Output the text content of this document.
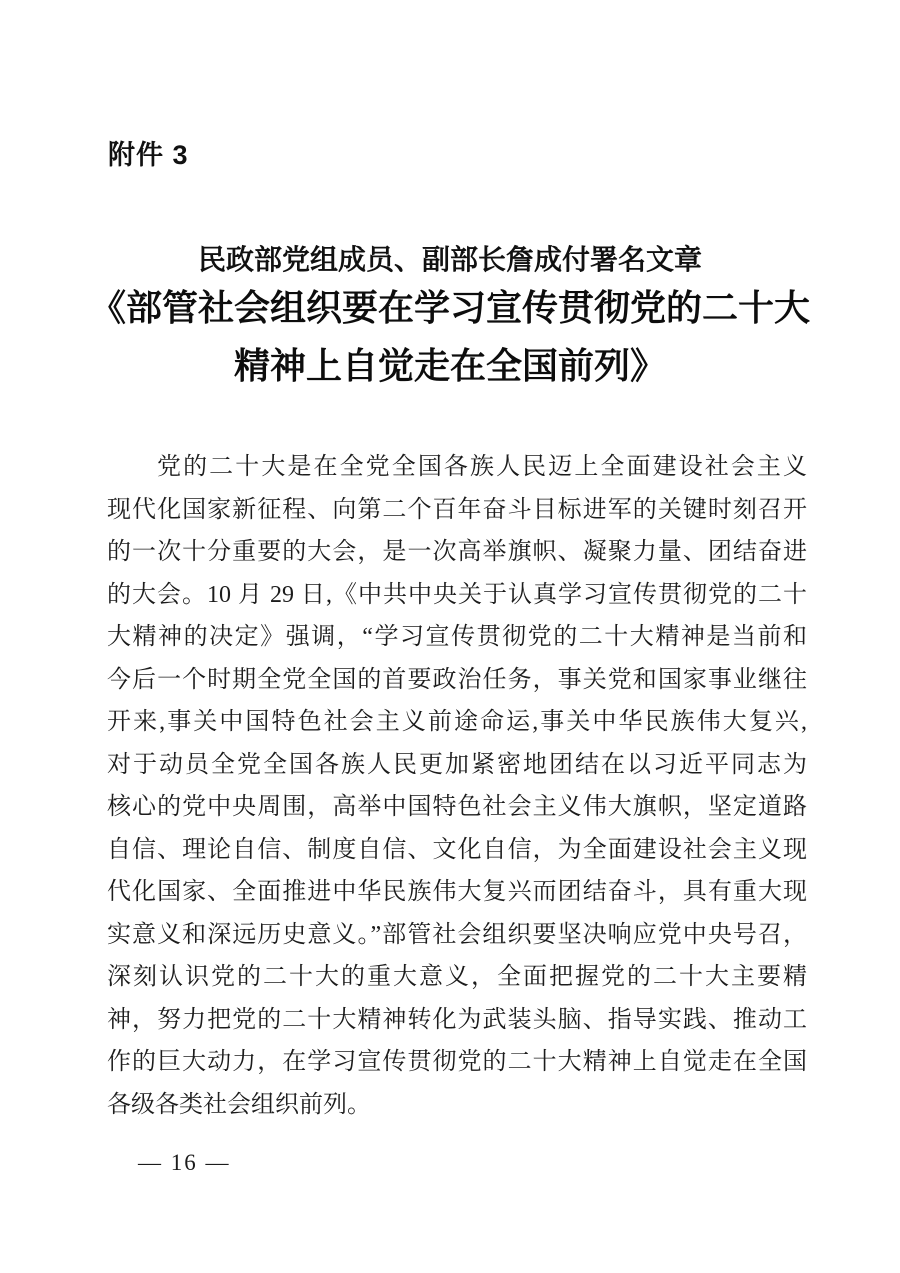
附件 3
民政部党组成员、副部长詹成付署名文章
《部管社会组织要在学习宣传贯彻党的二十大
精神上自觉走在全国前列》
党的二十大是在全党全国各族人民迈上全面建设社会主义
现代化国家新征程、向第二个百年奋斗目标进军的关键时刻召开
的一次十分重要的大会，是一次高举旗帜、凝聚力量、团结奋进
的大会。10 月 29 日,《中共中央关于认真学习宣传贯彻党的二十
大精神的决定》强调，“学习宣传贯彻党的二十大精神是当前和
今后一个时期全党全国的首要政治任务，事关党和国家事业继往
开来,事关中国特色社会主义前途命运,事关中华民族伟大复兴,
对于动员全党全国各族人民更加紧密地团结在以习近平同志为
核心的党中央周围，高举中国特色社会主义伟大旗帜，坚定道路
自信、理论自信、制度自信、文化自信，为全面建设社会主义现
代化国家、全面推进中华民族伟大复兴而团结奋斗，具有重大现
实意义和深远历史意义。”部管社会组织要坚决响应党中央号召，
深刻认识党的二十大的重大意义，全面把握党的二十大主要精
神，努力把党的二十大精神转化为武装头脑、指导实践、推动工
作的巨大动力，在学习宣传贯彻党的二十大精神上自觉走在全国
各级各类社会组织前列。
— 16 —
